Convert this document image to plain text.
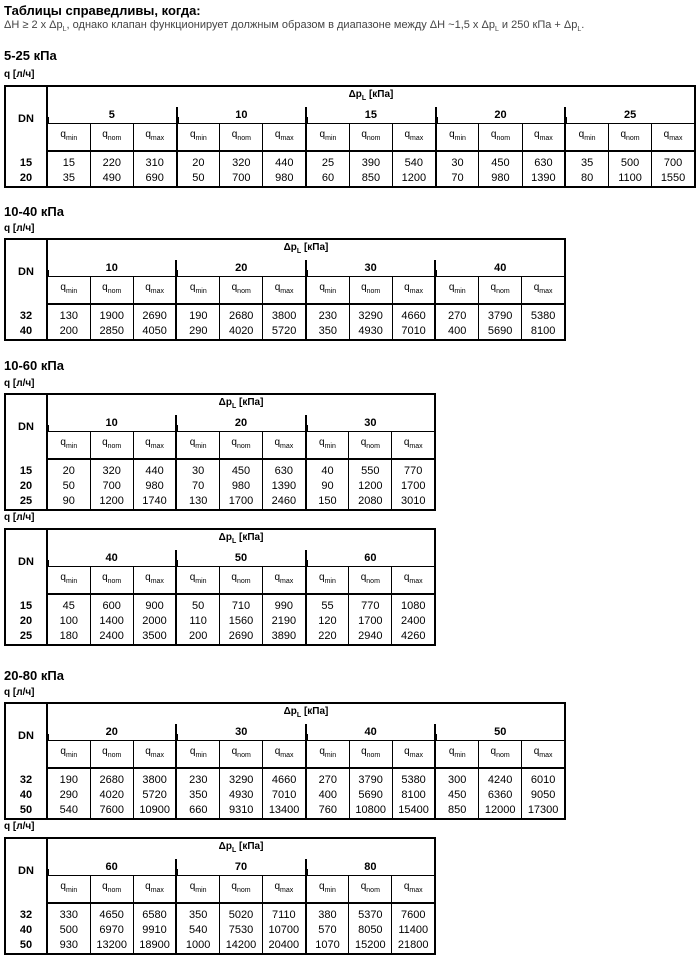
Таблицы справедливы, когда:

ΔH ≥ 2 x $\Delta p_L$, однако клапан функционирует должным образом в диапазоне между ΔH ~1,5 x $\Delta p_L$ и 250 кПа + $\Delta p_L$.

5-25 кПа

q [л/ч]

DN	$\Delta p_L$ [кПа]														
	5			10			15			20			25		
	$q_{min}$	$q_{nom}$	$q_{max}$	$q_{min}$	$q_{nom}$	$q_{max}$	$q_{min}$	$q_{nom}$	$q_{max}$	$q_{min}$	$q_{nom}$	$q_{max}$	$q_{min}$	$q_{nom}$	$q_{max}$
15	15	220	310	20	320	440	25	390	540	30	450	630	35	500	700
20	35	490	690	50	700	980	60	850	1200	70	980	1390	80	1100	1550

10-40 кПа

q [л/ч]

DN	$\Delta p_L$ [кПа]											
	10			20			30			40		
	$q_{min}$	$q_{nom}$	$q_{max}$	$q_{min}$	$q_{nom}$	$q_{max}$	$q_{min}$	$q_{nom}$	$q_{max}$	$q_{min}$	$q_{nom}$	$q_{max}$
32	130	1900	2690	190	2680	3800	230	3290	4660	270	3790	5380
40	200	2850	4050	290	4020	5720	350	4930	7010	400	5690	8100

10-60 кПа

q [л/ч]

DN	$\Delta p_L$ [кПа]								
	10			20			30		
	$q_{min}$	$q_{nom}$	$q_{max}$	$q_{min}$	$q_{nom}$	$q_{max}$	$q_{min}$	$q_{nom}$	$q_{max}$
15	20	320	440	30	450	630	40	550	770
20	50	700	980	70	980	1390	90	1200	1700
25	90	1200	1740	130	1700	2460	150	2080	3010

q [л/ч]

DN	$\Delta p_L$ [кПа]								
	40			50			60		
	$q_{min}$	$q_{nom}$	$q_{max}$	$q_{min}$	$q_{nom}$	$q_{max}$	$q_{min}$	$q_{nom}$	$q_{max}$
15	45	600	900	50	710	990	55	770	1080
20	100	1400	2000	110	1560	2190	120	1700	2400
25	180	2400	3500	200	2690	3890	220	2940	4260

20-80 кПа

q [л/ч]

DN	$\Delta p_L$ [кПа]											
	20			30			40			50		
	$q_{min}$	$q_{nom}$	$q_{max}$	$q_{min}$	$q_{nom}$	$q_{max}$	$q_{min}$	$q_{nom}$	$q_{max}$	$q_{min}$	$q_{nom}$	$q_{max}$
32	190	2680	3800	230	3290	4660	270	3790	5380	300	4240	6010
40	290	4020	5720	350	4930	7010	400	5690	8100	450	6360	9050
50	540	7600	10900	660	9310	13400	760	10800	15400	850	12000	17300

q [л/ч]

DN	$\Delta p_L$ [кПа]								
	60			70			80		
	$q_{min}$	$q_{nom}$	$q_{max}$	$q_{min}$	$q_{nom}$	$q_{max}$	$q_{min}$	$q_{nom}$	$q_{max}$
32	330	4650	6580	350	5020	7110	380	5370	7600
40	500	6970	9910	540	7530	10700	570	8050	11400
50	930	13200	18900	1000	14200	20400	1070	15200	21800
